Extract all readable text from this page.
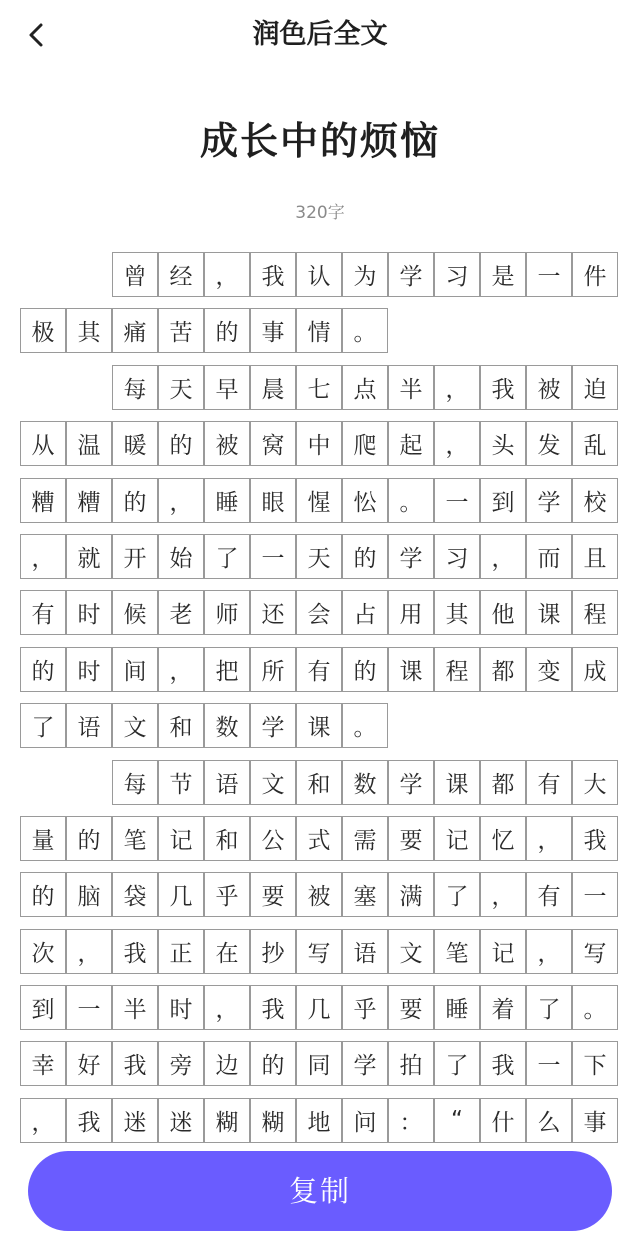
润色后全文
成长中的烦恼
320字
曾	经	，	我	认	为	学	习	是	一	件
极	其	痛	苦	的	事	情	。
每	天	早	晨	七	点	半	，	我	被	迫
从	温	暖	的	被	窝	中	爬	起	，	头	发	乱
糟	糟	的	，	睡	眼	惺	忪	。	一	到	学	校
，	就	开	始	了	一	天	的	学	习	，	而	且
有	时	候	老	师	还	会	占	用	其	他	课	程
的	时	间	，	把	所	有	的	课	程	都	变	成
了	语	文	和	数	学	课	。
每	节	语	文	和	数	学	课	都	有	大
量	的	笔	记	和	公	式	需	要	记	忆	，	我
的	脑	袋	几	乎	要	被	塞	满	了	，	有	一
次	，	我	正	在	抄	写	语	文	笔	记	，	写
到	一	半	时	，	我	几	乎	要	睡	着	了	。
幸	好	我	旁	边	的	同	学	拍	了	我	一	下
，	我	迷	迷	糊	糊	地	问	：	“	什	么	事
复制
